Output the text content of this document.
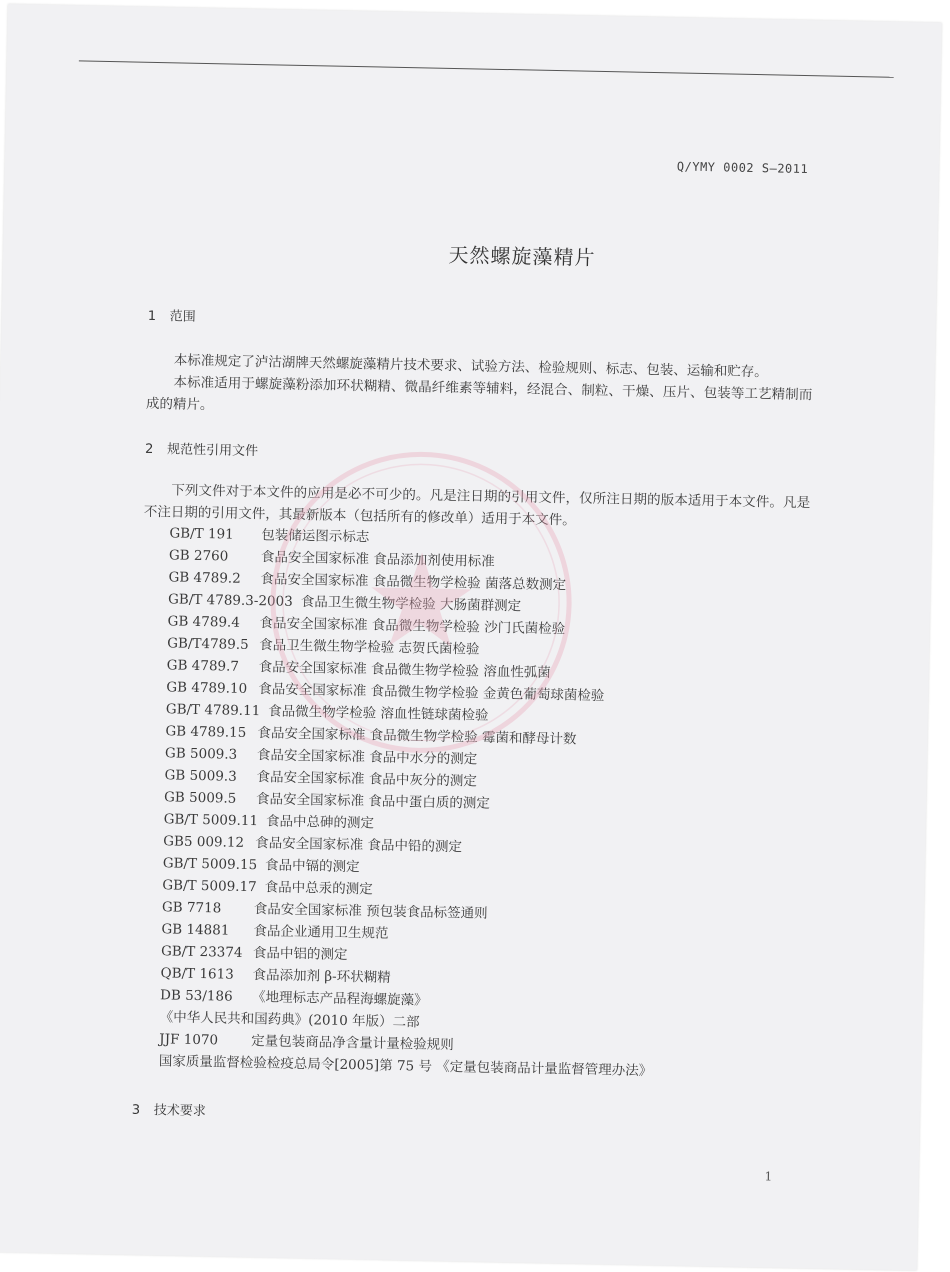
Q/YMY 0002 S—2011
天然螺旋藻精片
1 范围
本标准规定了泸沽湖牌天然螺旋藻精片技术要求、试验方法、检验规则、标志、包装、运输和贮存。
本标准适用于螺旋藻粉添加环状糊精、微晶纤维素等辅料，经混合、制粒、干燥、压片、包装等工艺精制而成的精片。
2 规范性引用文件
下列文件对于本文件的应用是必不可少的。凡是注日期的引用文件，仅所注日期的版本适用于本文件。凡是不注日期的引用文件，其最新版本（包括所有的修改单）适用于本文件。
GB/T 191 包装储运图示标志
GB 2760 食品安全国家标准 食品添加剂使用标准
GB 4789.2 食品安全国家标准 食品微生物学检验 菌落总数测定
GB/T 4789.3-2003 食品卫生微生物学检验 大肠菌群测定
GB 4789.4 食品安全国家标准 食品微生物学检验 沙门氏菌检验
GB/T4789.5 食品卫生微生物学检验 志贺氏菌检验
GB 4789.7 食品安全国家标准 食品微生物学检验 溶血性弧菌
GB 4789.10 食品安全国家标准 食品微生物学检验 金黄色葡萄球菌检验
GB/T 4789.11 食品微生物学检验 溶血性链球菌检验
GB 4789.15 食品安全国家标准 食品微生物学检验 霉菌和酵母计数
GB 5009.3 食品安全国家标准 食品中水分的测定
GB 5009.3 食品安全国家标准 食品中灰分的测定
GB 5009.5 食品安全国家标准 食品中蛋白质的测定
GB/T 5009.11 食品中总砷的测定
GB5 009.12 食品安全国家标准 食品中铅的测定
GB/T 5009.15 食品中镉的测定
GB/T 5009.17 食品中总汞的测定
GB 7718 食品安全国家标准 预包装食品标签通则
GB 14881 食品企业通用卫生规范
GB/T 23374 食品中铝的测定
QB/T 1613 食品添加剂 β-环状糊精
DB 53/186 《地理标志产品程海螺旋藻》
《中华人民共和国药典》(2010 年版）二部
JJF 1070 定量包装商品净含量计量检验规则
国家质量监督检验检疫总局令[2005]第 75 号 《定量包装商品计量监督管理办法》
3 技术要求
1
